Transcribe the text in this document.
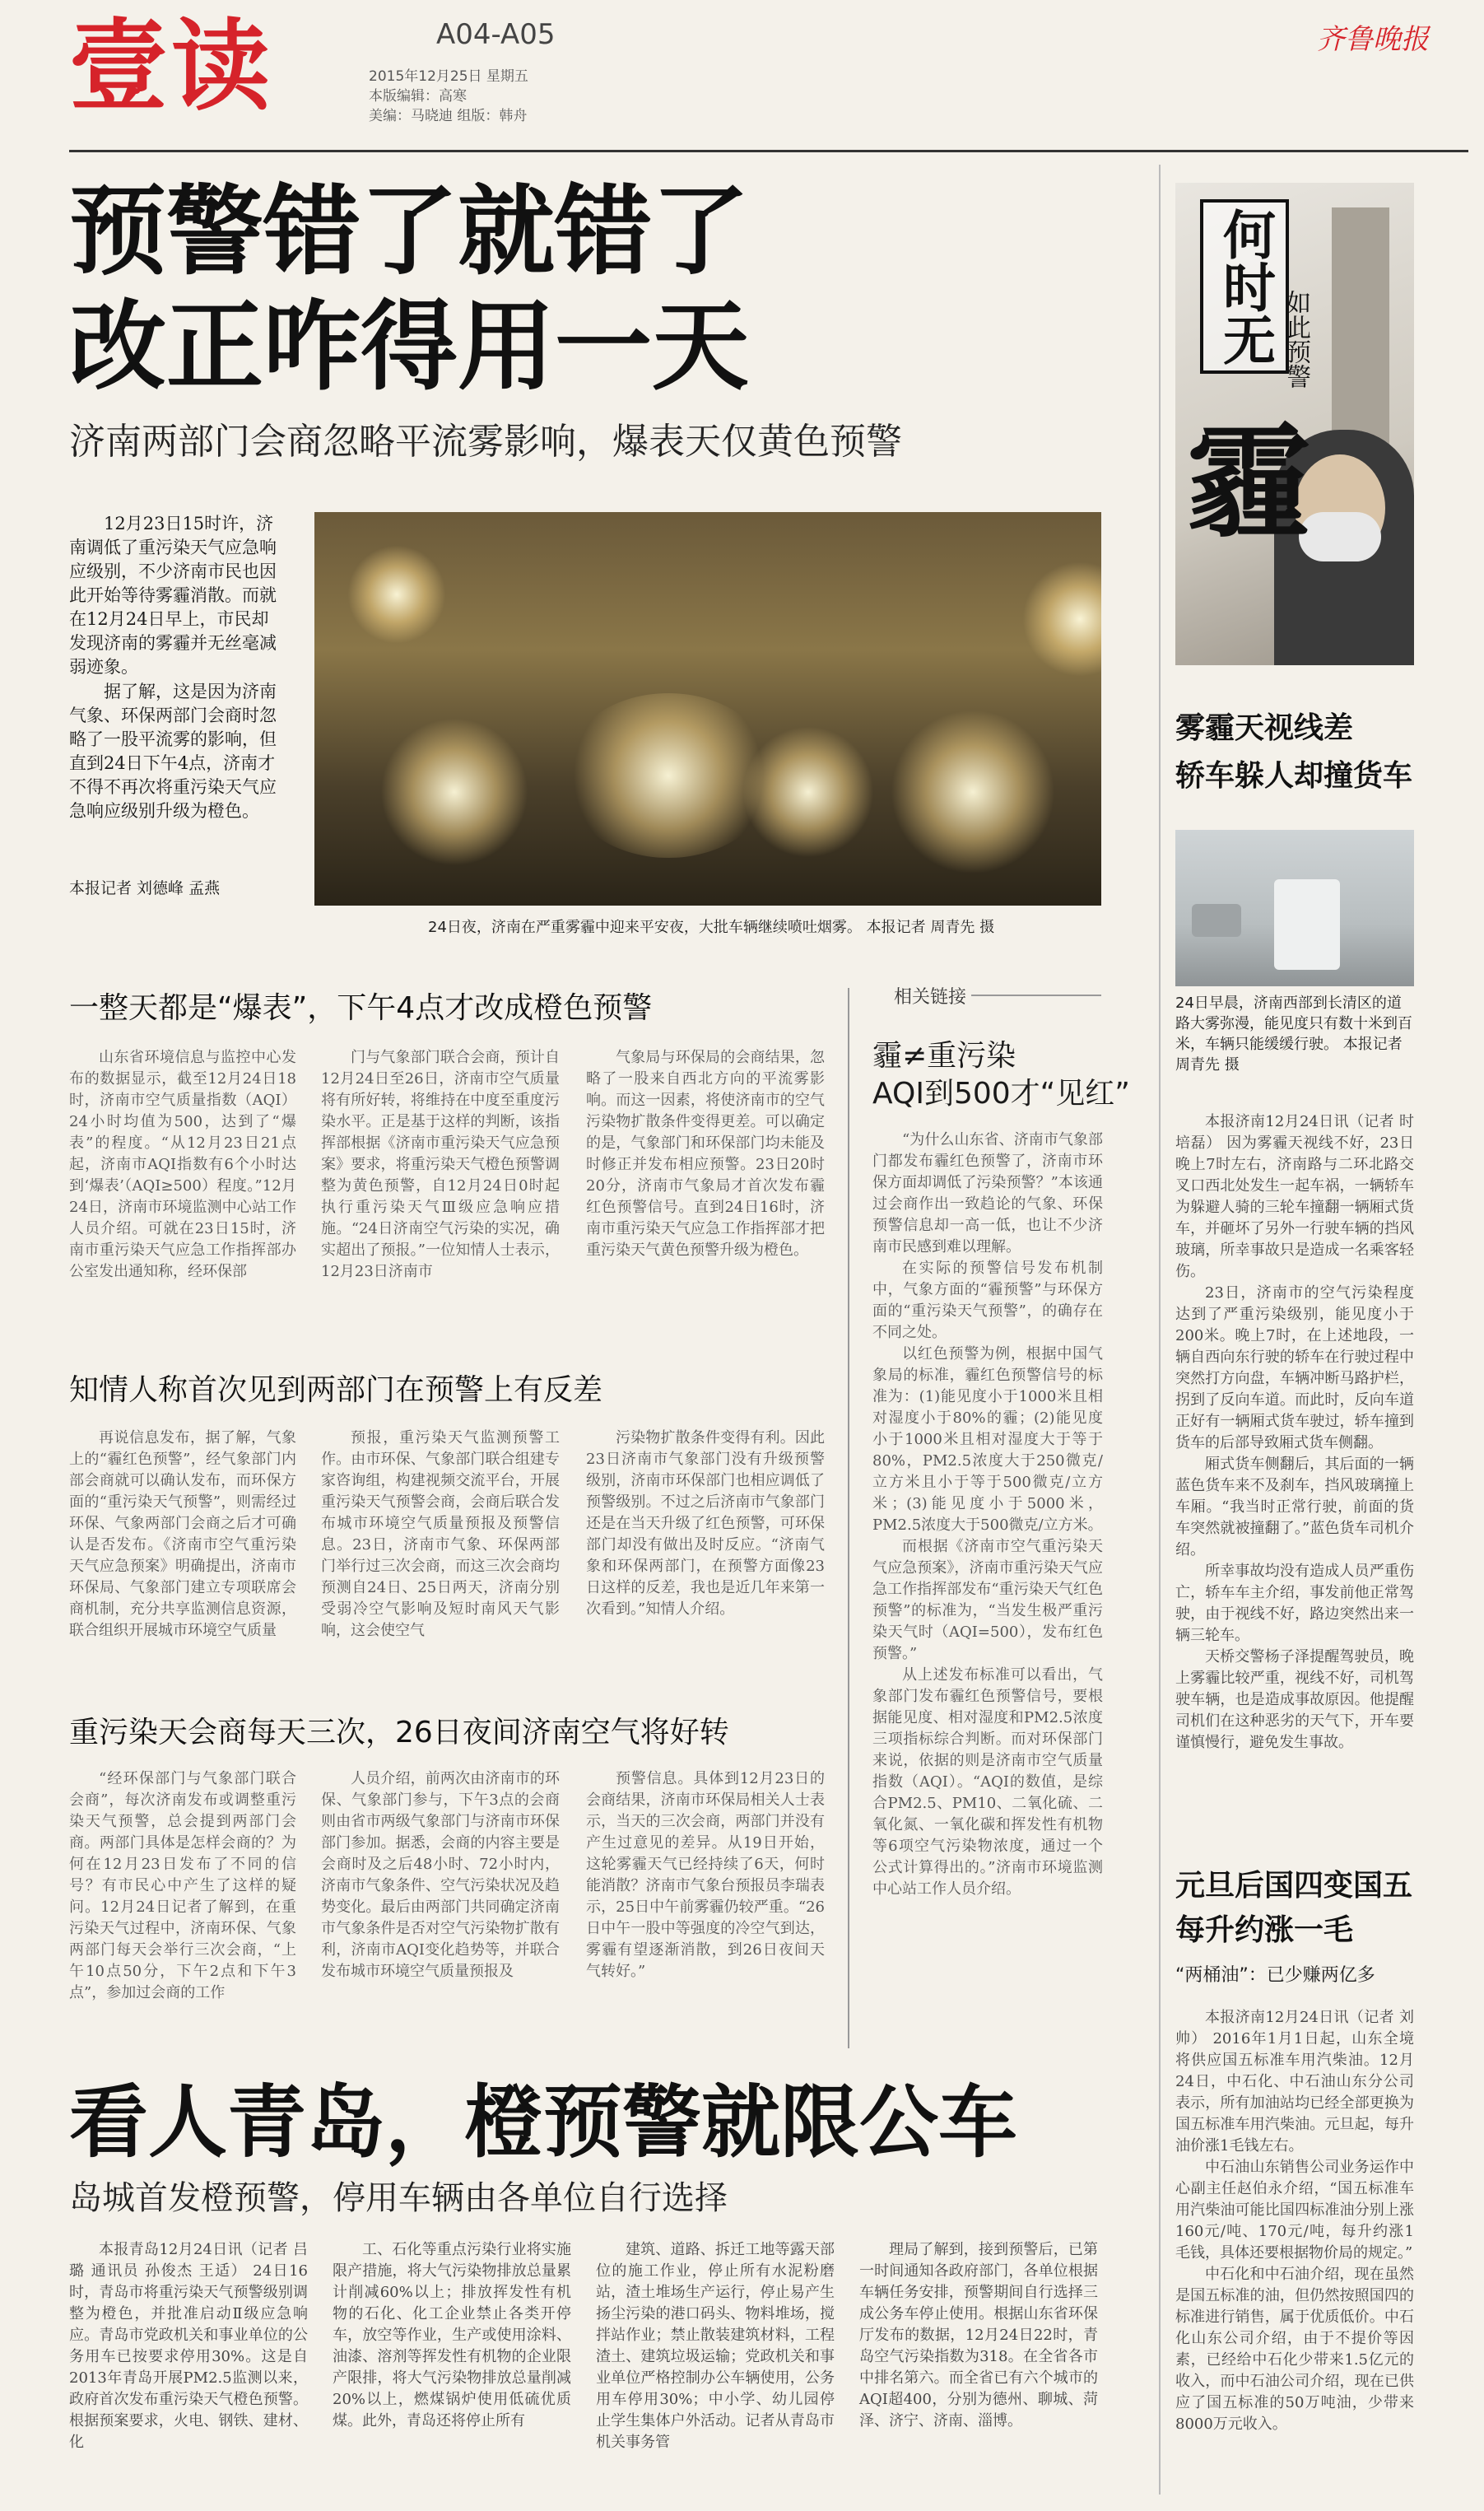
壹读	A04-A05
2015年12月25日 星期五
本版编辑：高寒
美编：马晓迪 组版：韩舟
齐鲁晚报
预警错了就错了
改正咋得用一天
济南两部门会商忽略平流雾影响，爆表天仅黄色预警
12月23日15时许，济南调低了重污染天气应急响应级别，不少济南市民也因此开始等待雾霾消散。而就在12月24日早上，市民却发现济南的雾霾并无丝毫减弱迹象。
据了解，这是因为济南气象、环保两部门会商时忽略了一股平流雾的影响，但直到24日下午4点，济南才不得不再次将重污染天气应急响应级别升级为橙色。
本报记者 刘德峰 孟燕
24日夜，济南在严重雾霾中迎来平安夜，大批车辆继续喷吐烟雾。 本报记者 周青先 摄
一整天都是“爆表”，下午4点才改成橙色预警

山东省环境信息与监控中心发布的数据显示，截至12月24日18时，济南市空气质量指数（AQI）24小时均值为500，达到了“爆表”的程度。“从12月23日21点起，济南市AQI指数有6个小时达到‘爆表’（AQI≥500）程度。”12月24日，济南市环境监测中心站工作人员介绍。可就在23日15时，济南市重污染天气应急工作指挥部办公室发出通知称，经环保部

门与气象部门联合会商，预计自12月24日至26日，济南市空气质量将有所好转，将维持在中度至重度污染水平。正是基于这样的判断，该指挥部根据《济南市重污染天气应急预案》要求，将重污染天气橙色预警调整为黄色预警，自12月24日0时起执行重污染天气Ⅲ级应急响应措施。“24日济南空气污染的实况，确实超出了预报。”一位知情人士表示，12月23日济南市

气象局与环保局的会商结果，忽略了一股来自西北方向的平流雾影响。而这一因素，将使济南市的空气污染物扩散条件变得更差。可以确定的是，气象部门和环保部门均未能及时修正并发布相应预警。23日20时20分，济南市气象局才首次发布霾红色预警信号。直到24日16时，济南市重污染天气应急工作指挥部才把重污染天气黄色预警升级为橙色。

知情人称首次见到两部门在预警上有反差

再说信息发布，据了解，气象上的“霾红色预警”，经气象部门内部会商就可以确认发布，而环保方面的“重污染天气预警”，则需经过环保、气象两部门会商之后才可确认是否发布。《济南市空气重污染天气应急预案》明确提出，济南市环保局、气象部门建立专项联席会商机制，充分共享监测信息资源，联合组织开展城市环境空气质量

预报，重污染天气监测预警工作。由市环保、气象部门联合组建专家咨询组，构建视频交流平台，开展重污染天气预警会商，会商后联合发布城市环境空气质量预报及预警信息。23日，济南市气象、环保两部门举行过三次会商，而这三次会商均预测自24日、25日两天，济南分别受弱冷空气影响及短时南风天气影响，这会使空气

污染物扩散条件变得有利。因此23日济南市气象部门没有升级预警级别，济南市环保部门也相应调低了预警级别。不过之后济南市气象部门还是在当天升级了红色预警，可环保部门却没有做出及时反应。“济南气象和环保两部门，在预警方面像23日这样的反差，我也是近几年来第一次看到。”知情人介绍。

重污染天会商每天三次，26日夜间济南空气将好转

“经环保部门与气象部门联合会商”，每次济南发布或调整重污染天气预警，总会提到两部门会商。两部门具体是怎样会商的？为何在12月23日发布了不同的信号？有市民心中产生了这样的疑问。12月24日记者了解到，在重污染天气过程中，济南环保、气象两部门每天会举行三次会商，“上午10点50分，下午2点和下午3点”，参加过会商的工作

人员介绍，前两次由济南市的环保、气象部门参与，下午3点的会商则由省市两级气象部门与济南市环保部门参加。据悉，会商的内容主要是会商时及之后48小时、72小时内，济南市气象条件、空气污染状况及趋势变化。最后由两部门共同确定济南市气象条件是否对空气污染物扩散有利，济南市AQI变化趋势等，并联合发布城市环境空气质量预报及

预警信息。具体到12月23日的会商结果，济南市环保局相关人士表示，当天的三次会商，两部门并没有产生过意见的差异。从19日开始，这轮雾霾天气已经持续了6天，何时能消散？济南市气象台预报员李瑞表示，25日中午前雾霾仍较严重。“26日中午一股中等强度的冷空气到达，雾霾有望逐渐消散，到26日夜间天气转好。”

相关链接
霾≠重污染
AQI到500才“见红”

“为什么山东省、济南市气象部门都发布霾红色预警了，济南市环保方面却调低了污染预警？”本该通过会商作出一致趋论的气象、环保预警信息却一高一低，也让不少济南市民感到难以理解。

在实际的预警信号发布机制中，气象方面的“霾预警”与环保方面的“重污染天气预警”，的确存在不同之处。

以红色预警为例，根据中国气象局的标准，霾红色预警信号的标准为：(1)能见度小于1000米且相对湿度小于80%的霾；(2)能见度小于1000米且相对湿度大于等于80%，PM2.5浓度大于250微克/立方米且小于等于500微克/立方米；(3)能见度小于5000米，PM2.5浓度大于500微克/立方米。

而根据《济南市空气重污染天气应急预案》，济南市重污染天气应急工作指挥部发布“重污染天气红色预警”的标准为，“当发生极严重污染天气时（AQI=500），发布红色预警。”

从上述发布标准可以看出，气象部门发布霾红色预警信号，要根据能见度、相对湿度和PM2.5浓度三项指标综合判断。而对环保部门来说，依据的则是济南市空气质量指数（AQI）。“AQI的数值，是综合PM2.5、PM10、二氧化硫、二氧化氮、一氧化碳和挥发性有机物等6项空气污染物浓度，通过一个公式计算得出的。”济南市环境监测中心站工作人员介绍。

看人青岛，橙预警就限公车
岛城首发橙预警，停用车辆由各单位自行选择

本报青岛12月24日讯（记者 吕璐 通讯员 孙俊杰 王适） 24日16时，青岛市将重污染天气预警级别调整为橙色，并批准启动Ⅱ级应急响应。青岛市党政机关和事业单位的公务用车已按要求停用30%。这是自2013年青岛开展PM2.5监测以来，政府首次发布重污染天气橙色预警。根据预案要求，火电、钢铁、建材、化

工、石化等重点污染行业将实施限产措施，将大气污染物排放总量累计削减60%以上；排放挥发性有机物的石化、化工企业禁止各类开停车，放空等作业，生产或使用涂料、油漆、溶剂等挥发性有机物的企业限产限排，将大气污染物排放总量削减20%以上，燃煤锅炉使用低硫优质煤。此外，青岛还将停止所有

建筑、道路、拆迁工地等露天部位的施工作业，停止所有水泥粉磨站，渣土堆场生产运行，停止易产生扬尘污染的港口码头、物料堆场，搅拌站作业；禁止散装建筑材料，工程渣土、建筑垃圾运输；党政机关和事业单位严格控制办公车辆使用，公务用车停用30%；中小学、幼儿园停止学生集体户外活动。记者从青岛市机关事务管

理局了解到，接到预警后，已第一时间通知各政府部门，各单位根据车辆任务安排，预警期间自行选择三成公务车停止使用。根据山东省环保厅发布的数据，12月24日22时，青岛空气污染指数为318。在全省各市中排名第六。而全省已有六个城市的AQI超400，分别为德州、聊城、菏泽、济宁、济南、淄博。

何时无 如此预警
霾
雾霾天视线差
轿车躲人却撞货车
24日早晨，济南西部到长清区的道路大雾弥漫，能见度只有数十米到百米，车辆只能缓缓行驶。 本报记者 周青先 摄

本报济南12月24日讯（记者 时培磊） 因为雾霾天视线不好，23日晚上7时左右，济南路与二环北路交叉口西北处发生一起车祸，一辆轿车为躲避人骑的三轮车撞翻一辆厢式货车，并砸坏了另外一行驶车辆的挡风玻璃，所幸事故只是造成一名乘客轻伤。

23日，济南市的空气污染程度达到了严重污染级别，能见度小于200米。晚上7时，在上述地段，一辆自西向东行驶的轿车在行驶过程中突然打方向盘，车辆冲断马路护栏，拐到了反向车道。而此时，反向车道正好有一辆厢式货车驶过，轿车撞到货车的后部导致厢式货车侧翻。

厢式货车侧翻后，其后面的一辆蓝色货车来不及刹车，挡风玻璃撞上车厢。“我当时正常行驶，前面的货车突然就被撞翻了。”蓝色货车司机介绍。

所幸事故均没有造成人员严重伤亡，轿车车主介绍，事发前他正常驾驶，由于视线不好，路边突然出来一辆三轮车。

天桥交警杨子泽提醒驾驶员，晚上雾霾比较严重，视线不好，司机驾驶车辆，也是造成事故原因。他提醒司机们在这种恶劣的天气下，开车要谨慎慢行，避免发生事故。

元旦后国四变国五
每升约涨一毛
“两桶油”：已少赚两亿多

本报济南12月24日讯（记者 刘帅） 2016年1月1日起，山东全境将供应国五标准车用汽柴油。12月24日，中石化、中石油山东分公司表示，所有加油站均已经全部更换为国五标准车用汽柴油。元旦起，每升油价涨1毛钱左右。

中石油山东销售公司业务运作中心副主任赵伯永介绍，“国五标准车用汽柴油可能比国四标准油分别上涨160元/吨、170元/吨，每升约涨1毛钱，具体还要根据物价局的规定。”

中石化和中石油介绍，现在虽然是国五标准的油，但仍然按照国四的标准进行销售，属于优质低价。中石化山东公司介绍，由于不提价等因素，已经给中石化少带来1.5亿元的收入，而中石油公司介绍，现在已供应了国五标准的50万吨油，少带来8000万元收入。
